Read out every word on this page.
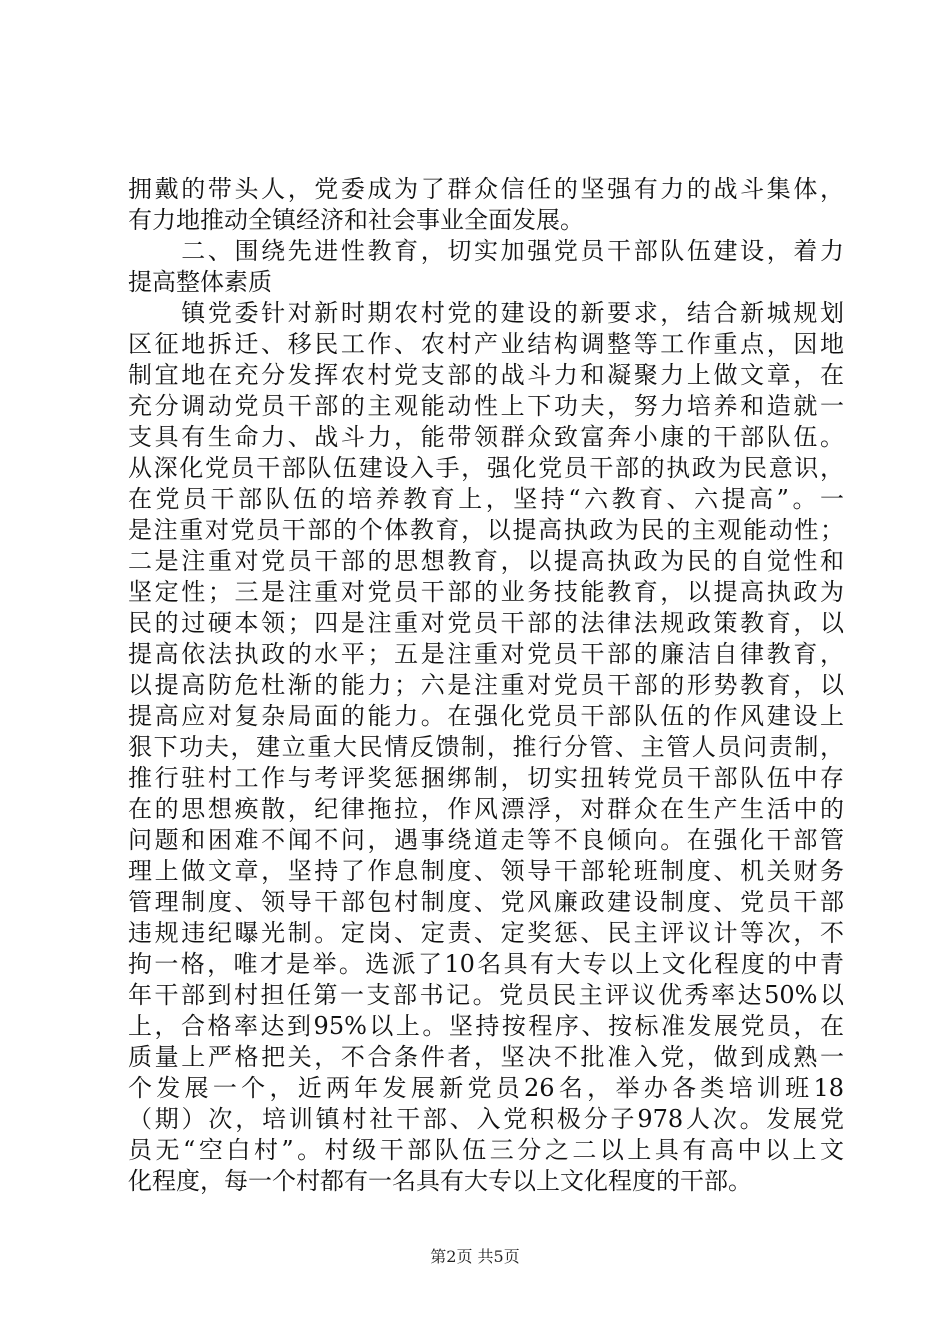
拥戴的带头人，党委成为了群众信任的坚强有力的战斗集体，
有力地推动全镇经济和社会事业全面发展。
　　二、围绕先进性教育，切实加强党员干部队伍建设，着力
提高整体素质
　　镇党委针对新时期农村党的建设的新要求，结合新城规划
区征地拆迁、移民工作、农村产业结构调整等工作重点，因地
制宜地在充分发挥农村党支部的战斗力和凝聚力上做文章，在
充分调动党员干部的主观能动性上下功夫，努力培养和造就一
支具有生命力、战斗力，能带领群众致富奔小康的干部队伍。
从深化党员干部队伍建设入手，强化党员干部的执政为民意识，
在党员干部队伍的培养教育上，坚持“六教育、六提高”。一
是注重对党员干部的个体教育，以提高执政为民的主观能动性；
二是注重对党员干部的思想教育，以提高执政为民的自觉性和
坚定性；三是注重对党员干部的业务技能教育，以提高执政为
民的过硬本领；四是注重对党员干部的法律法规政策教育，以
提高依法执政的水平；五是注重对党员干部的廉洁自律教育，
以提高防危杜渐的能力；六是注重对党员干部的形势教育，以
提高应对复杂局面的能力。在强化党员干部队伍的作风建设上
狠下功夫，建立重大民情反馈制，推行分管、主管人员问责制，
推行驻村工作与考评奖惩捆绑制，切实扭转党员干部队伍中存
在的思想痪散，纪律拖拉，作风漂浮，对群众在生产生活中的
问题和困难不闻不问，遇事绕道走等不良倾向。在强化干部管
理上做文章，坚持了作息制度、领导干部轮班制度、机关财务
管理制度、领导干部包村制度、党风廉政建设制度、党员干部
违规违纪曝光制。定岗、定责、定奖惩、民主评议计等次，不
拘一格，唯才是举。选派了10名具有大专以上文化程度的中青
年干部到村担任第一支部书记。党员民主评议优秀率达50%以
上，合格率达到95%以上。坚持按程序、按标准发展党员，在
质量上严格把关，不合条件者，坚决不批准入党，做到成熟一
个发展一个，近两年发展新党员26名，举办各类培训班18
（期）次，培训镇村社干部、入党积极分子978人次。发展党
员无“空白村”。村级干部队伍三分之二以上具有高中以上文
化程度，每一个村都有一名具有大专以上文化程度的干部。
第2页 共5页
